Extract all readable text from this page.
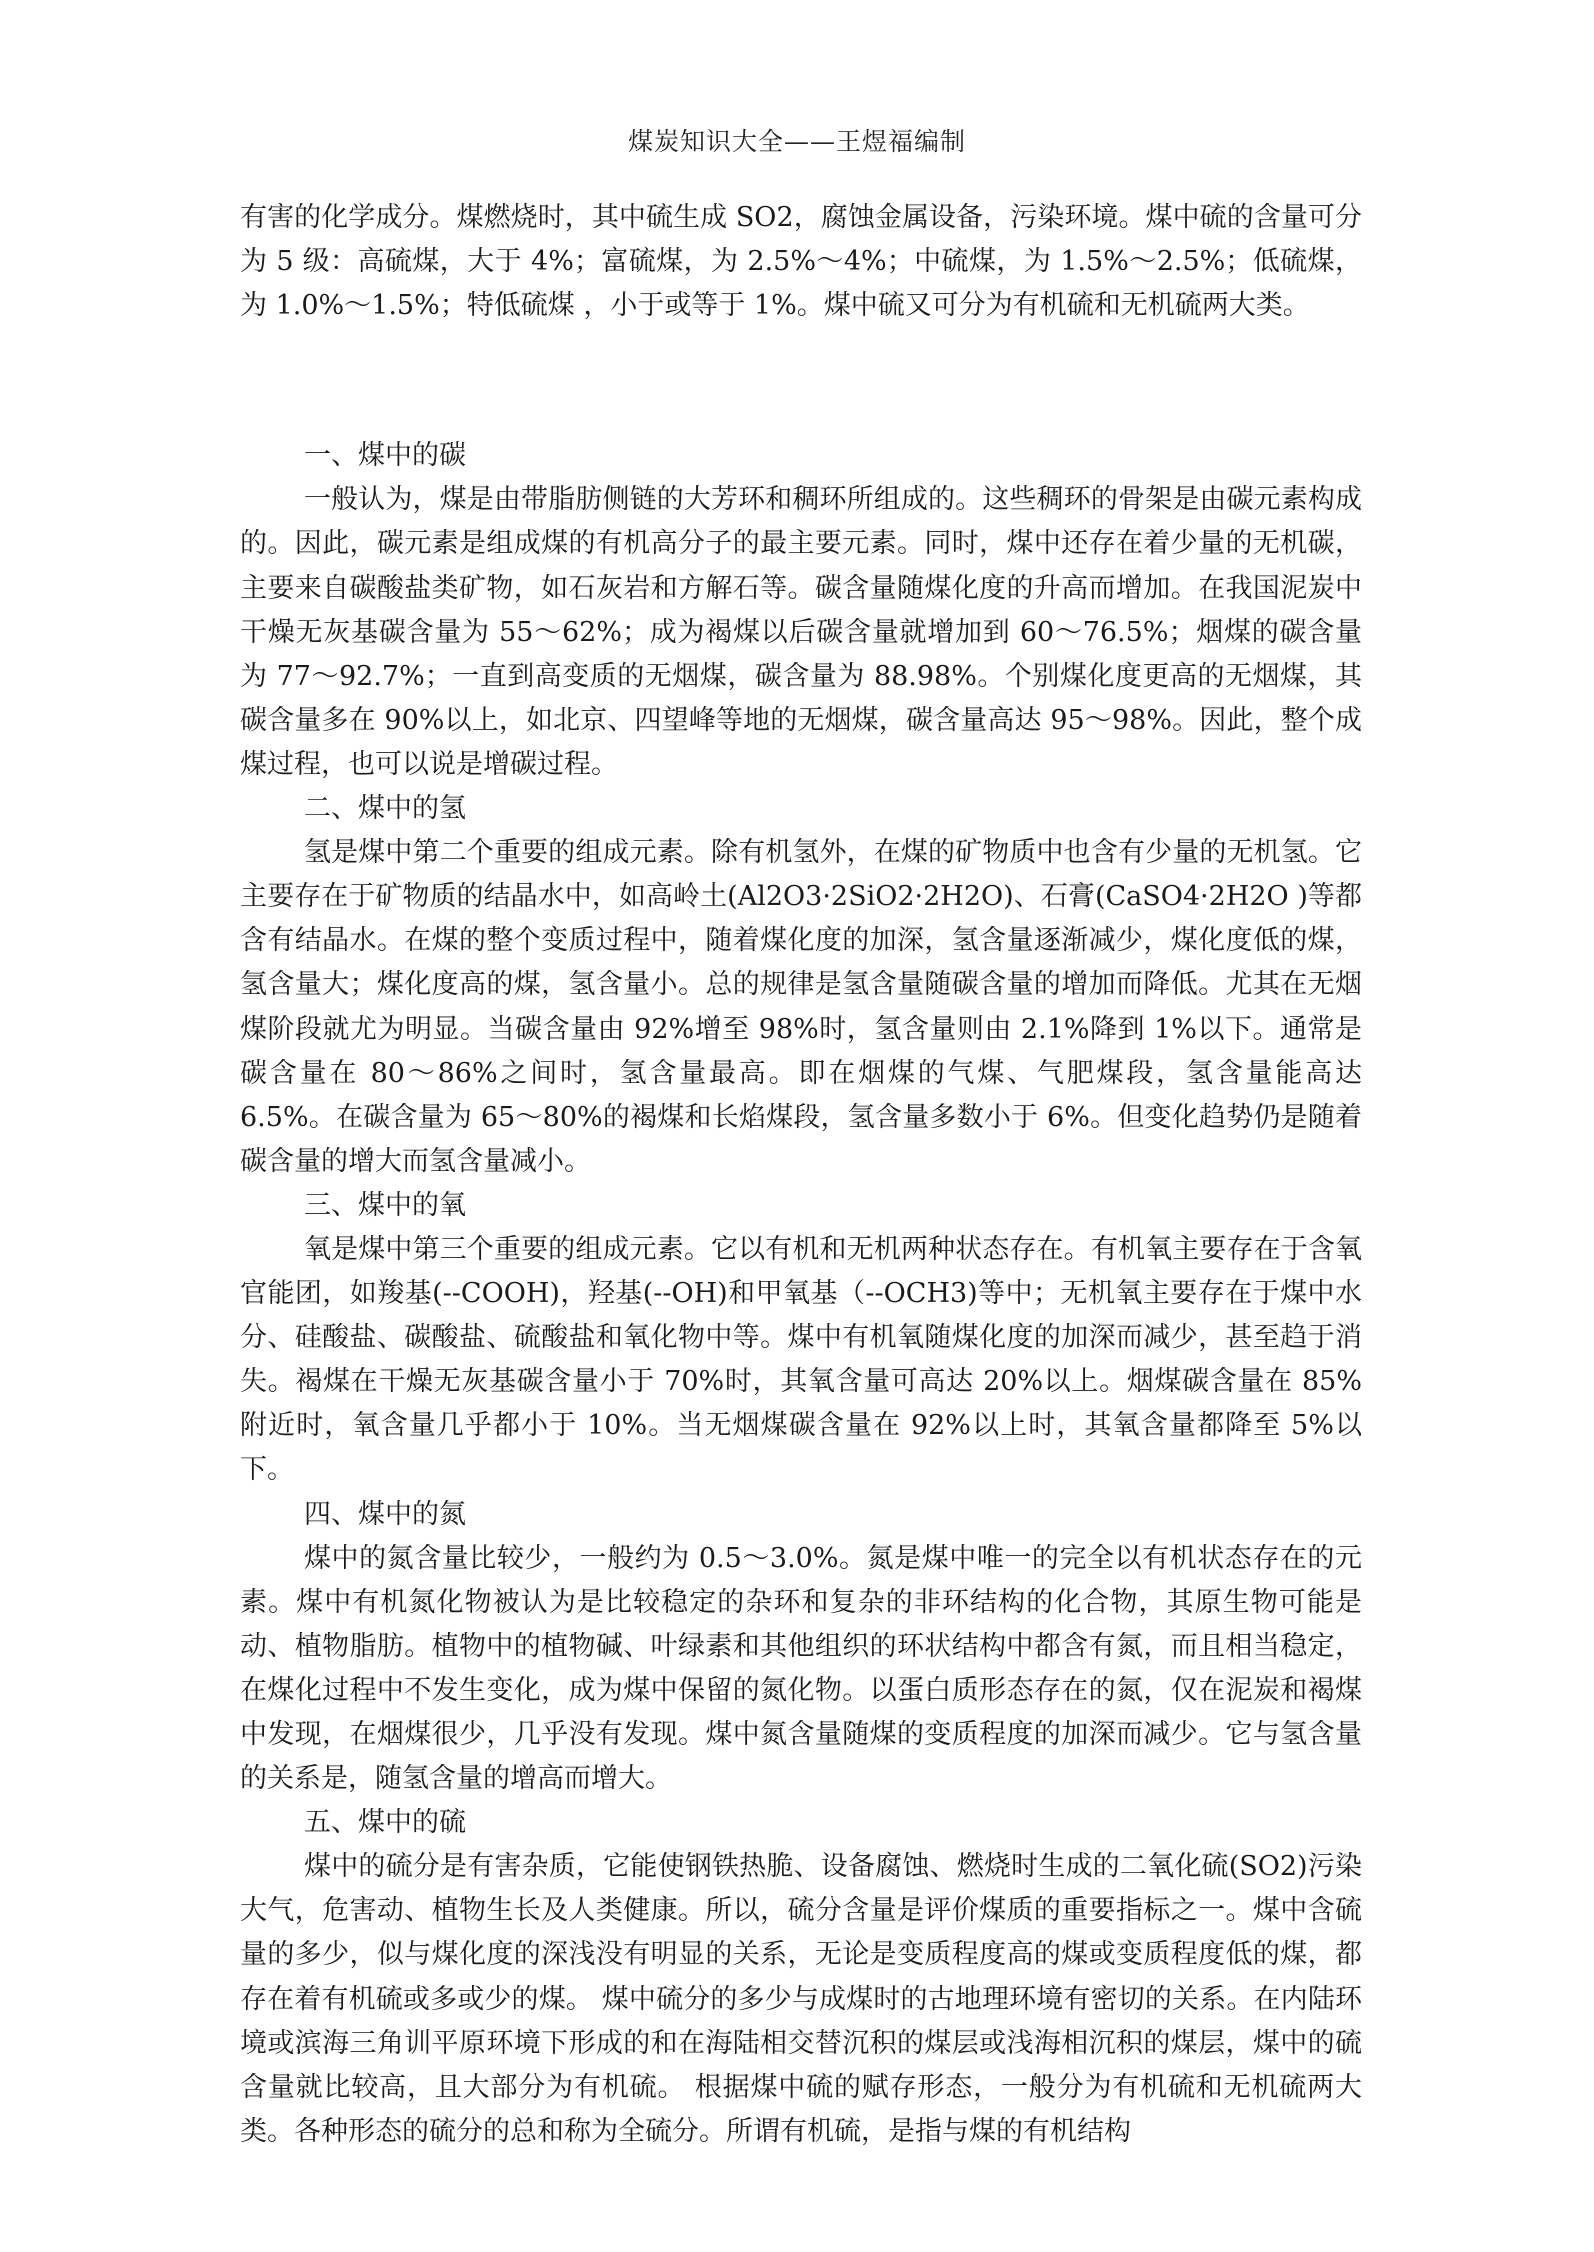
煤炭知识大全——王煜福编制

有害的化学成分。煤燃烧时，其中硫生成 SO2，腐蚀金属设备，污染环境。煤中硫的含量可分为 5 级：高硫煤，大于 4%；富硫煤，为 2.5%～4%；中硫煤，为 1.5%～2.5%；低硫煤，为 1.0%～1.5%；特低硫煤 ，小于或等于 1%。煤中硫又可分为有机硫和无机硫两大类。

一、煤中的碳

一般认为，煤是由带脂肪侧链的大芳环和稠环所组成的。这些稠环的骨架是由碳元素构成的。因此，碳元素是组成煤的有机高分子的最主要元素。同时，煤中还存在着少量的无机碳，主要来自碳酸盐类矿物，如石灰岩和方解石等。碳含量随煤化度的升高而增加。在我国泥炭中干燥无灰基碳含量为 55～62%；成为褐煤以后碳含量就增加到 60～76.5%；烟煤的碳含量为 77～92.7%；一直到高变质的无烟煤，碳含量为 88.98%。个别煤化度更高的无烟煤，其碳含量多在 90%以上，如北京、四望峰等地的无烟煤，碳含量高达 95～98%。因此，整个成煤过程，也可以说是增碳过程。

二、煤中的氢

氢是煤中第二个重要的组成元素。除有机氢外，在煤的矿物质中也含有少量的无机氢。它主要存在于矿物质的结晶水中，如高岭土(Al2O3·2SiO2·2H2O)、石膏(CaSO4·2H2O )等都含有结晶水。在煤的整个变质过程中，随着煤化度的加深，氢含量逐渐减少，煤化度低的煤，氢含量大；煤化度高的煤，氢含量小。总的规律是氢含量随碳含量的增加而降低。尤其在无烟煤阶段就尤为明显。当碳含量由 92%增至 98%时，氢含量则由 2.1%降到 1%以下。通常是碳含量在 80～86%之间时，氢含量最高。即在烟煤的气煤、气肥煤段，氢含量能高达 6.5%。在碳含量为 65～80%的褐煤和长焰煤段，氢含量多数小于 6%。但变化趋势仍是随着碳含量的增大而氢含量减小。

三、煤中的氧

氧是煤中第三个重要的组成元素。它以有机和无机两种状态存在。有机氧主要存在于含氧官能团，如羧基(--COOH)，羟基(--OH)和甲氧基（--OCH3)等中；无机氧主要存在于煤中水分、硅酸盐、碳酸盐、硫酸盐和氧化物中等。煤中有机氧随煤化度的加深而减少，甚至趋于消失。褐煤在干燥无灰基碳含量小于 70%时，其氧含量可高达 20%以上。烟煤碳含量在 85%附近时，氧含量几乎都小于 10%。当无烟煤碳含量在 92%以上时，其氧含量都降至 5%以下。

四、煤中的氮

煤中的氮含量比较少，一般约为 0.5～3.0%。氮是煤中唯一的完全以有机状态存在的元素。煤中有机氮化物被认为是比较稳定的杂环和复杂的非环结构的化合物，其原生物可能是动、植物脂肪。植物中的植物碱、叶绿素和其他组织的环状结构中都含有氮，而且相当稳定，在煤化过程中不发生变化，成为煤中保留的氮化物。以蛋白质形态存在的氮，仅在泥炭和褐煤中发现，在烟煤很少，几乎没有发现。煤中氮含量随煤的变质程度的加深而减少。它与氢含量的关系是，随氢含量的增高而增大。

五、煤中的硫

煤中的硫分是有害杂质，它能使钢铁热脆、设备腐蚀、燃烧时生成的二氧化硫(SO2)污染大气，危害动、植物生长及人类健康。所以，硫分含量是评价煤质的重要指标之一。煤中含硫量的多少，似与煤化度的深浅没有明显的关系，无论是变质程度高的煤或变质程度低的煤，都存在着有机硫或多或少的煤。 煤中硫分的多少与成煤时的古地理环境有密切的关系。在内陆环境或滨海三角训平原环境下形成的和在海陆相交替沉积的煤层或浅海相沉积的煤层，煤中的硫含量就比较高，且大部分为有机硫。 根据煤中硫的赋存形态，一般分为有机硫和无机硫两大类。各种形态的硫分的总和称为全硫分。所谓有机硫，是指与煤的有机结构
